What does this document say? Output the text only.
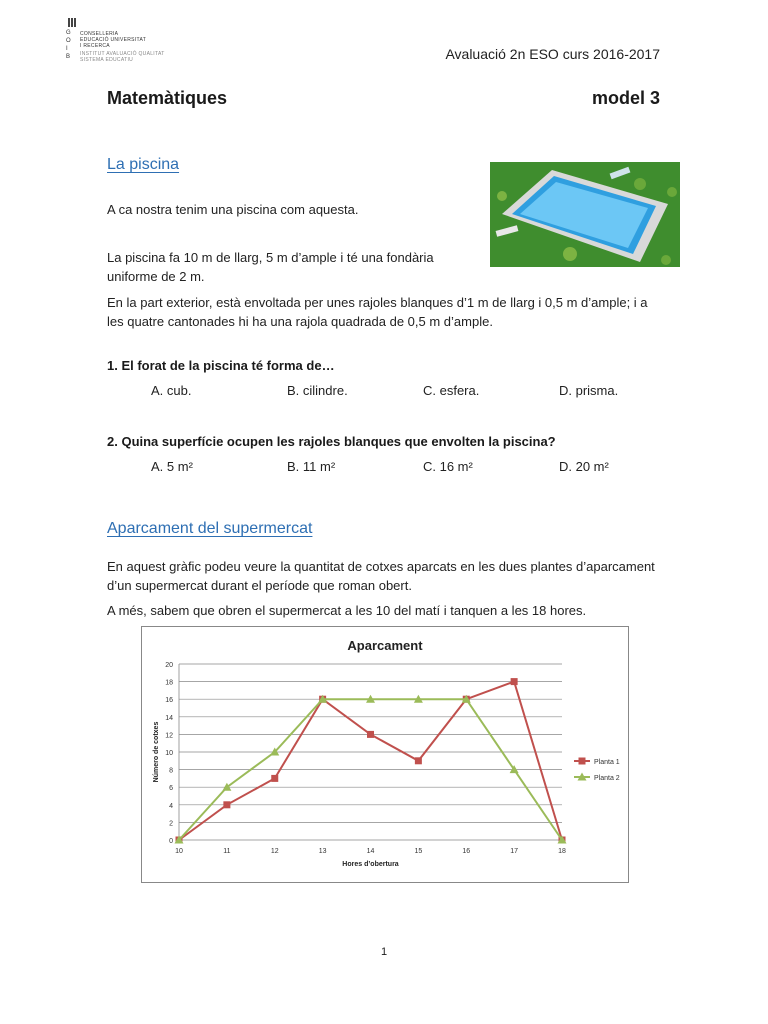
G
O
I
B
CONSELLERIA
EDUCACIÓ UNIVERSITAT
I RECERCA
INSTITUT AVALUACIÓ QUALITAT
SISTEMA EDUCATIU	Avaluació 2n ESO curs 2016-2017
Matemàtiques	model 3
La piscina
A ca nostra tenim una piscina com aquesta.
La piscina fa 10 m de llarg, 5 m d’ample i té una fondària
uniforme de 2 m.
En la part exterior, està envoltada per unes rajoles blanques d’1 m de llarg i 0,5 m d’ample; i a les quatre cantonades hi ha una rajola quadrada de 0,5 m d’ample.
1. El forat de la piscina té forma de…
A. cub.	B. cilindre.	C. esfera.	D. prisma.
2. Quina superfície ocupen les rajoles blanques que envolten la piscina?
A. 5 m²	B. 11 m²	C. 16 m²	D. 20 m²
Aparcament del supermercat
En aquest gràfic podeu veure la quantitat de cotxes aparcats en les dues plantes d’aparcament d’un supermercat durant el període que roman obert.
A més, sabem que obren el supermercat a les 10 del matí i tanquen a les 18 hores.
Aparcament
0
2
4
6
8
10
12
14
16
18
20
10	11	12	13	14	15	16	17	18
Hores d’obertura
Número de cotxes	Planta 1
Planta 2
1
